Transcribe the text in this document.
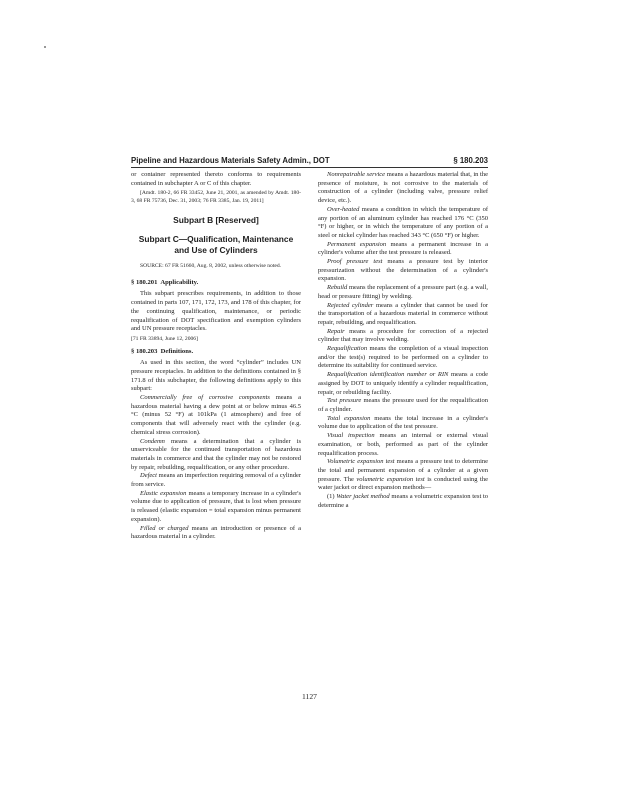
Pipeline and Hazardous Materials Safety Admin., DOT	§ 180.203

or container represented thereto conforms to requirements contained in subchapter A or C of this chapter.

[Amdt. 180-2, 66 FR 33452, June 21, 2001, as amended by Amdt. 180-3, 68 FR 75736, Dec. 31, 2003; 76 FR 3385, Jan. 19, 2011]

Subpart B [Reserved]
Subpart C—Qualification, Maintenance and Use of Cylinders

SOURCE: 67 FR 51660, Aug. 8, 2002, unless otherwise noted.

§ 180.201 Applicability.

This subpart prescribes requirements, in addition to those contained in parts 107, 171, 172, 173, and 178 of this chapter, for the continuing qualification, maintenance, or periodic requalification of DOT specification and exemption cylinders and UN pressure receptacles.

[71 FR 33894, June 12, 2006]

§ 180.203 Definitions.

As used in this section, the word “cylinder” includes UN pressure receptacles. In addition to the definitions contained in § 171.8 of this subchapter, the following definitions apply to this subpart:

Commercially free of corrosive components means a hazardous material having a dew point at or below minus 46.5 °C (minus 52 °F) at 101kPa (1 atmosphere) and free of components that will adversely react with the cylinder (e.g. chemical stress corrosion).

Condemn means a determination that a cylinder is unserviceable for the continued transportation of hazardous materials in commerce and that the cylinder may not be restored by repair, rebuilding, requalification, or any other procedure.

Defect means an imperfection requiring removal of a cylinder from service.

Elastic expansion means a temporary increase in a cylinder's volume due to application of pressure, that is lost when pressure is released (elastic expansion = total expansion minus permanent expansion).

Filled or charged means an introduction or presence of a hazardous material in a cylinder.

Nonrepairable service means a hazardous material that, in the presence of moisture, is not corrosive to the materials of construction of a cylinder (including valve, pressure relief device, etc.).

Over-heated means a condition in which the temperature of any portion of an aluminum cylinder has reached 176 °C (350 °F) or higher, or in which the temperature of any portion of a steel or nickel cylinder has reached 343 °C (650 °F) or higher.

Permanent expansion means a permanent increase in a cylinder's volume after the test pressure is released.

Proof pressure test means a pressure test by interior pressurization without the determination of a cylinder's expansion.

Rebuild means the replacement of a pressure part (e.g. a wall, head or pressure fitting) by welding.

Rejected cylinder means a cylinder that cannot be used for the transportation of a hazardous material in commerce without repair, rebuilding, and requalification.

Repair means a procedure for correction of a rejected cylinder that may involve welding.

Requalification means the completion of a visual inspection and/or the test(s) required to be performed on a cylinder to determine its suitability for continued service.

Requalification identification number or RIN means a code assigned by DOT to uniquely identify a cylinder requalification, repair, or rebuilding facility.

Test pressure means the pressure used for the requalification of a cylinder.

Total expansion means the total increase in a cylinder's volume due to application of the test pressure.

Visual inspection means an internal or external visual examination, or both, performed as part of the cylinder requalification process.

Volumetric expansion test means a pressure test to determine the total and permanent expansion of a cylinder at a given pressure. The volumetric expansion test is conducted using the water jacket or direct expansion methods—

(1) Water jacket method means a volumetric expansion test to determine a

1127
